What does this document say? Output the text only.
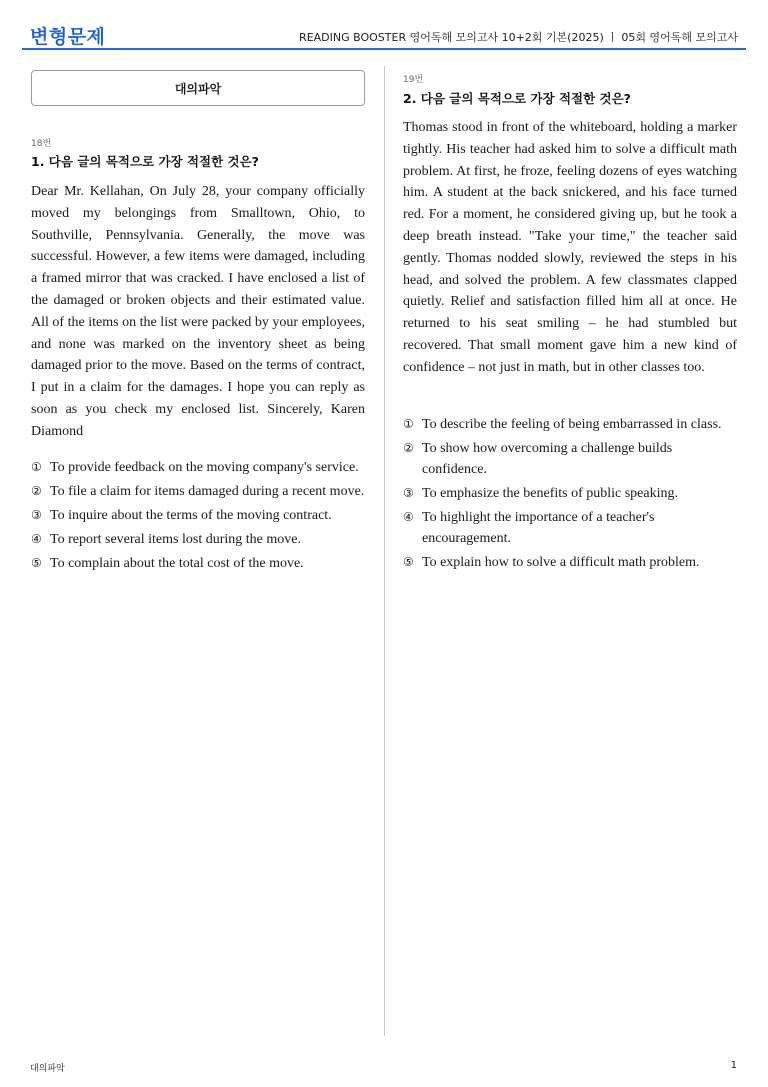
변형문제	READING BOOSTER 영어독해 모의고사 10+2회 기본(2025) ㅣ 05회 영어독해 모의고사
대의파악
18번
1. 다음 글의 목적으로 가장 적절한 것은?

Dear Mr. Kellahan, On July 28, your company officially moved my belongings from Smalltown, Ohio, to Southville, Pennsylvania. Generally, the move was successful. However, a few items were damaged, including a framed mirror that was cracked. I have enclosed a list of the damaged or broken objects and their estimated value. All of the items on the list were packed by your employees, and none was marked on the inventory sheet as being damaged prior to the move. Based on the terms of contract, I put in a claim for the damages. I hope you can reply as soon as you check my enclosed list. Sincerely, Karen Diamond

① To provide feedback on the moving company's service.
② To file a claim for items damaged during a recent move.
③ To inquire about the terms of the moving contract.
④ To report several items lost during the move.
⑤ To complain about the total cost of the move.
19번
2. 다음 글의 목적으로 가장 적절한 것은?

Thomas stood in front of the whiteboard, holding a marker tightly. His teacher had asked him to solve a difficult math problem. At first, he froze, feeling dozens of eyes watching him. A student at the back snickered, and his face turned red. For a moment, he considered giving up, but he took a deep breath instead. "Take your time," the teacher said gently. Thomas nodded slowly, reviewed the steps in his head, and solved the problem. A few classmates clapped quietly. Relief and satisfaction filled him all at once. He returned to his seat smiling – he had stumbled but recovered. That small moment gave him a new kind of confidence – not just in math, but in other classes too.

① To describe the feeling of being embarrassed in class.
② To show how overcoming a challenge builds confidence.
③ To emphasize the benefits of public speaking.
④ To highlight the importance of a teacher's encouragement.
⑤ To explain how to solve a difficult math problem.
대의파악	1
